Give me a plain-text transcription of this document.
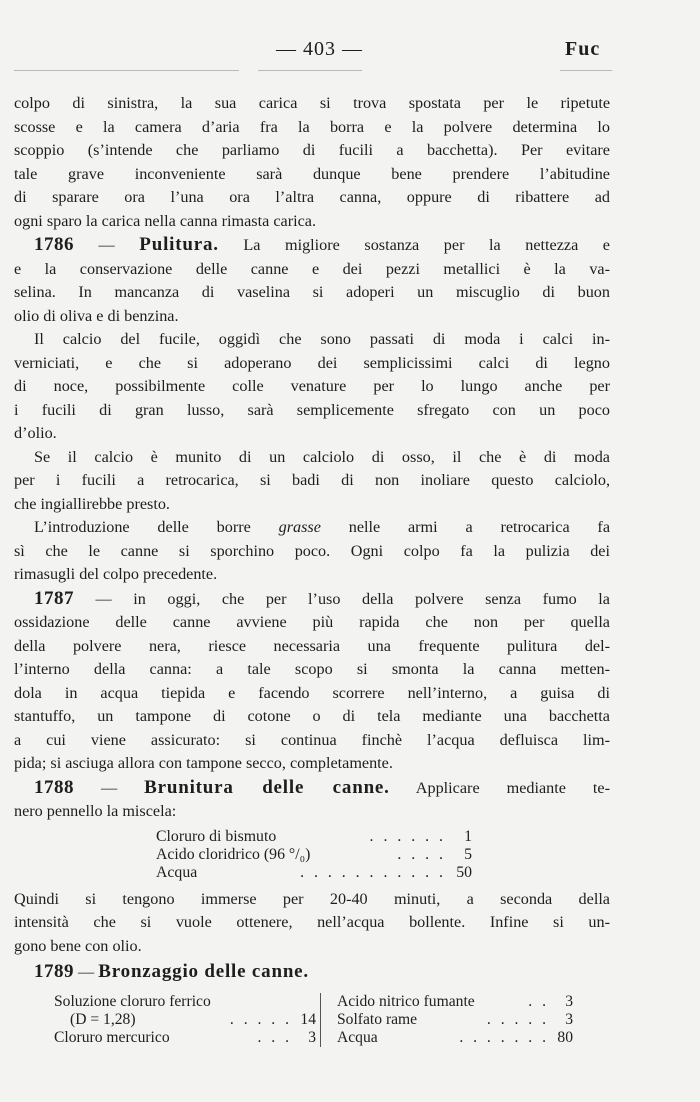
— 403 —	Fuc
colpo di sinistra, la sua carica si trova spostata per le ripetute
scosse e la camera d’aria fra la borra e la polvere determina lo
scoppio (s’intende che parliamo di fucili a bacchetta). Per evitare
tale grave inconveniente sarà dunque bene prendere l’abitudine
di sparare ora l’una ora l’altra canna, oppure di ribattere ad
ogni sparo la carica nella canna rimasta carica.
1786 — Pulitura. La migliore sostanza per la nettezza e
e la conservazione delle canne e dei pezzi metallici è la va-
selina. In mancanza di vaselina si adoperi un miscuglio di buon
olio di oliva e di benzina.
Il calcio del fucile, oggidì che sono passati di moda i calci in-
verniciati, e che si adoperano dei semplicissimi calci di legno
di noce, possibilmente colle venature per lo lungo anche per
i fucili di gran lusso, sarà semplicemente sfregato con un poco
d’olio.
Se il calcio è munito di un calciolo di osso, il che è di moda
per i fucili a retrocarica, si badi di non inoliare questo calciolo,
che ingiallirebbe presto.
L’introduzione delle borre grasse nelle armi a retrocarica fa
sì che le canne si sporchino poco. Ogni colpo fa la pulizia dei
rimasugli del colpo precedente.
1787 — in oggi, che per l’uso della polvere senza fumo la
ossidazione delle canne avviene più rapida che non per quella
della polvere nera, riesce necessaria una frequente pulitura del-
l’interno della canna: a tale scopo si smonta la canna metten-
dola in acqua tiepida e facendo scorrere nell’interno, a guisa di
stantuffo, un tampone di cotone o di tela mediante una bacchetta
a cui viene assicurato: si continua finchè l’acqua defluisca lim-
pida; si asciuga allora con tampone secco, completamente.
1788 — Brunitura delle canne. Applicare mediante te-
nero pennello la miscela:
Cloruro di bismuto	. . . . . .	1
Acido cloridrico (96 °/₀)	. . . .	5
Acqua	. . . . . . . . . . . 50
Quindi si tengono immerse per 20-40 minuti, a seconda della
intensità che si vuole ottenere, nell’acqua bollente. Infine si un-
gono bene con olio.
1789 — Bronzaggio delle canne.
Soluzione cloruro ferrico
(D = 1,28)	. . . . . 14
Cloruro mercurico	. . .	3
Acido nitrico fumante	. .	3
Solfato rame	. . . . .	3
Acqua	. . . . . . . 80
